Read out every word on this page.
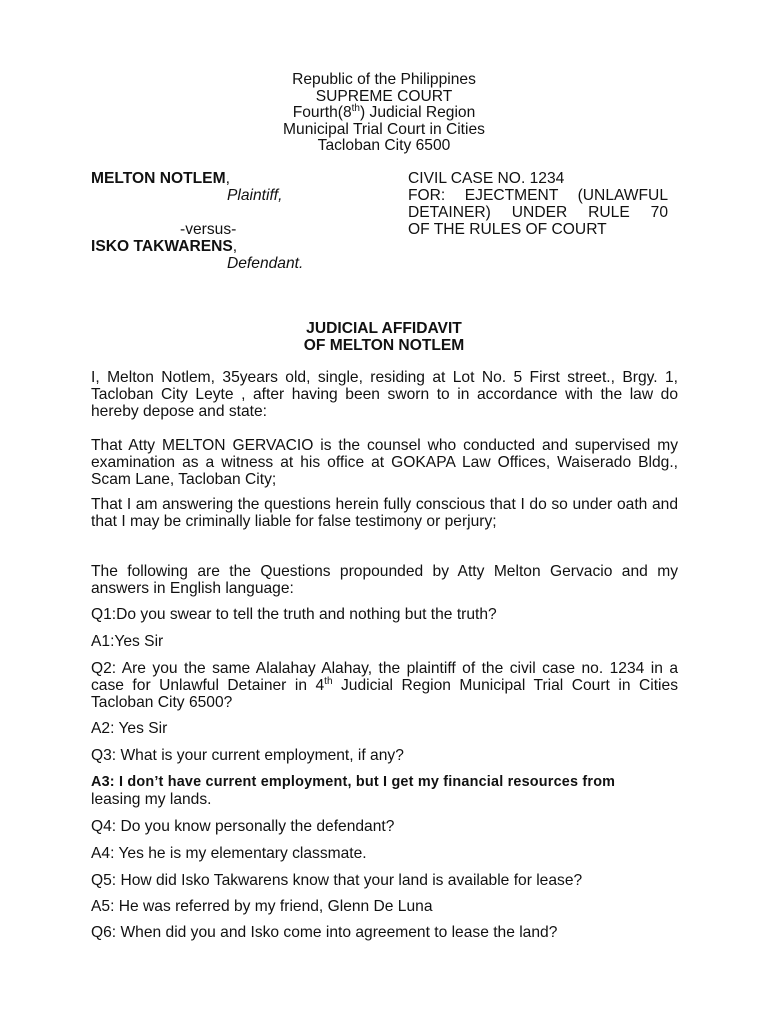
Republic of the Philippines
SUPREME COURT
Fourth(8th) Judicial Region
Municipal Trial Court in Cities
Tacloban City 6500
MELTON NOTLEM,
Plaintiff,
-versus-
ISKO TAKWARENS,
Defendant.
CIVIL CASE NO. 1234
FOR: EJECTMENT (UNLAWFUL
DETAINER) UNDER RULE 70
OF THE RULES OF COURT
JUDICIAL AFFIDAVIT
OF MELTON NOTLEM

I, Melton Notlem, 35years old, single, residing at Lot No. 5 First street., Brgy. 1, Tacloban City Leyte , after having been sworn to in accordance with the law do hereby depose and state:

That Atty MELTON GERVACIO is the counsel who conducted and supervised my examination as a witness at his office at GOKAPA Law Offices, Waiserado Bldg., Scam Lane, Tacloban City;

That I am answering the questions herein fully conscious that I do so under oath and that I may be criminally liable for false testimony or perjury;

The following are the Questions propounded by Atty Melton Gervacio and my answers in English language:

Q1:Do you swear to tell the truth and nothing but the truth?

A1:Yes Sir

Q2: Are you the same Alalahay Alahay, the plaintiff of the civil case no. 1234 in a case for Unlawful Detainer in 4th Judicial Region Municipal Trial Court in Cities Tacloban City 6500?

A2: Yes Sir

Q3: What is your current employment, if any?

A3: I don’t have current employment, but I get my financial resources from
leasing my lands.

Q4: Do you know personally the defendant?

A4: Yes he is my elementary classmate.

Q5: How did Isko Takwarens know that your land is available for lease?

A5: He was referred by my friend, Glenn De Luna

Q6: When did you and Isko come into agreement to lease the land?
